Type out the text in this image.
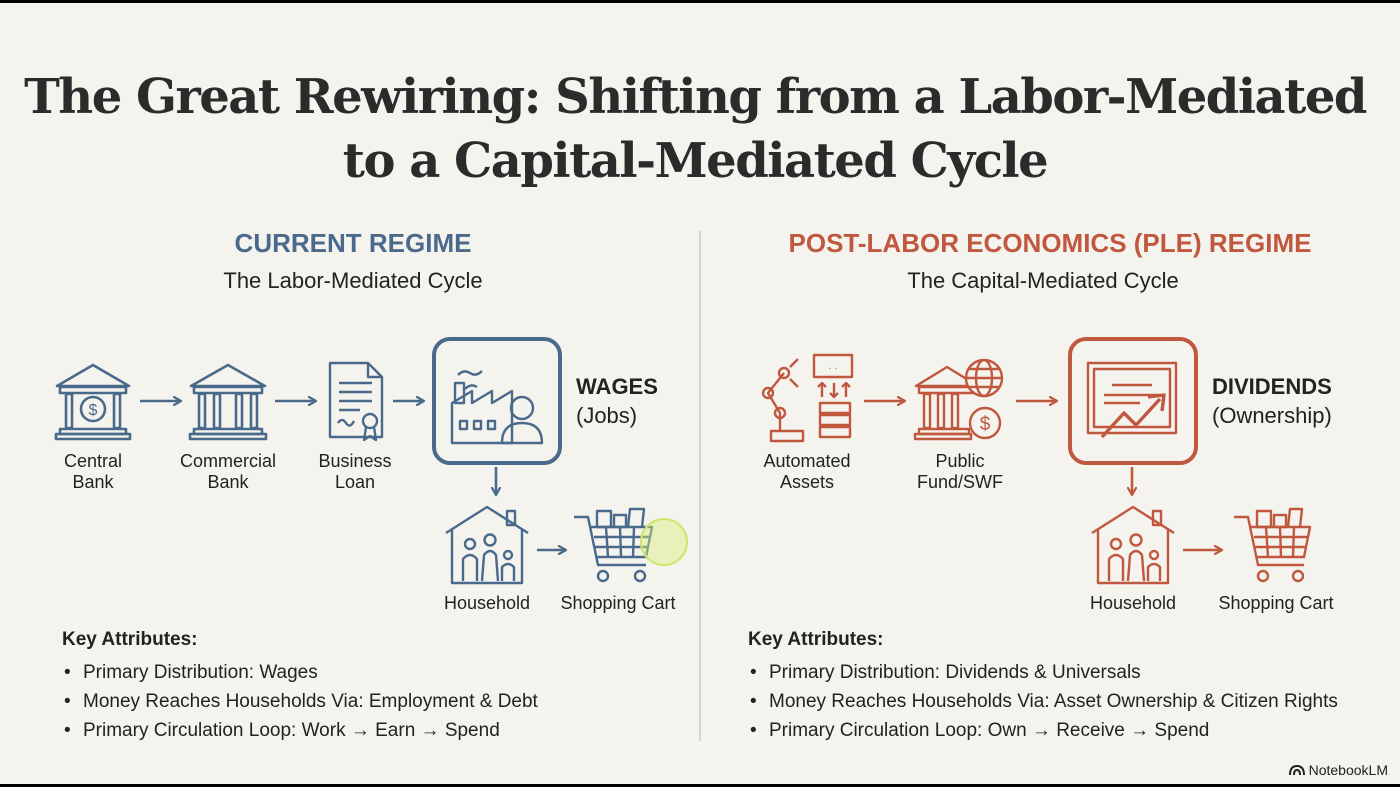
The Great Rewiring: Shifting from a Labor-Mediated
to a Capital-Mediated Cycle
CURRENT REGIME
The Labor-Mediated Cycle
$
· ·
$
Central
Bank
Commercial
Bank
Business
Loan
WAGES
(Jobs)
Household	Shopping Cart
POST-LABOR ECONOMICS (PLE) REGIME
The Capital-Mediated Cycle
Automated
Assets
Public
Fund/SWF
DIVIDENDS
(Ownership)
Household	Shopping Cart
Key Attributes:
• Primary Distribution: Wages
• Money Reaches Households Via: Employment & Debt
• Primary Circulation Loop: Work → Earn → Spend
Key Attributes:
• Primary Distribution: Dividends & Universals
• Money Reaches Households Via: Asset Ownership & Citizen Rights
• Primary Circulation Loop: Own → Receive → Spend
NotebookLM
